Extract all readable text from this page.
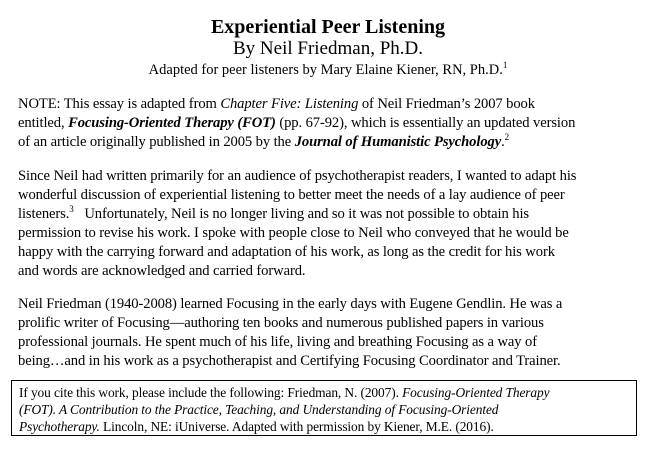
Experiential Peer Listening
By Neil Friedman, Ph.D.
Adapted for peer listeners by Mary Elaine Kiener, RN, Ph.D.$^1$
NOTE: This essay is adapted from Chapter Five: Listening of Neil Friedman’s 2007 book
entitled, Focusing-Oriented Therapy (FOT) (pp. 67-92), which is essentially an updated version
of an article originally published in 2005 by the Journal of Humanistic Psychology.$^2$
Since Neil had written primarily for an audience of psychotherapist readers, I wanted to adapt his
wonderful discussion of experiential listening to better meet the needs of a lay audience of peer
listeners.$^3$   Unfortunately, Neil is no longer living and so it was not possible to obtain his
permission to revise his work. I spoke with people close to Neil who conveyed that he would be
happy with the carrying forward and adaptation of his work, as long as the credit for his work
and words are acknowledged and carried forward.
Neil Friedman (1940-2008) learned Focusing in the early days with Eugene Gendlin. He was a
prolific writer of Focusing—authoring ten books and numerous published papers in various
professional journals. He spent much of his life, living and breathing Focusing as a way of
being…and in his work as a psychotherapist and Certifying Focusing Coordinator and Trainer.
If you cite this work, please include the following: Friedman, N. (2007). Focusing-Oriented Therapy
(FOT). A Contribution to the Practice, Teaching, and Understanding of Focusing-Oriented
Psychotherapy. Lincoln, NE: iUniverse. Adapted with permission by Kiener, M.E. (2016).
